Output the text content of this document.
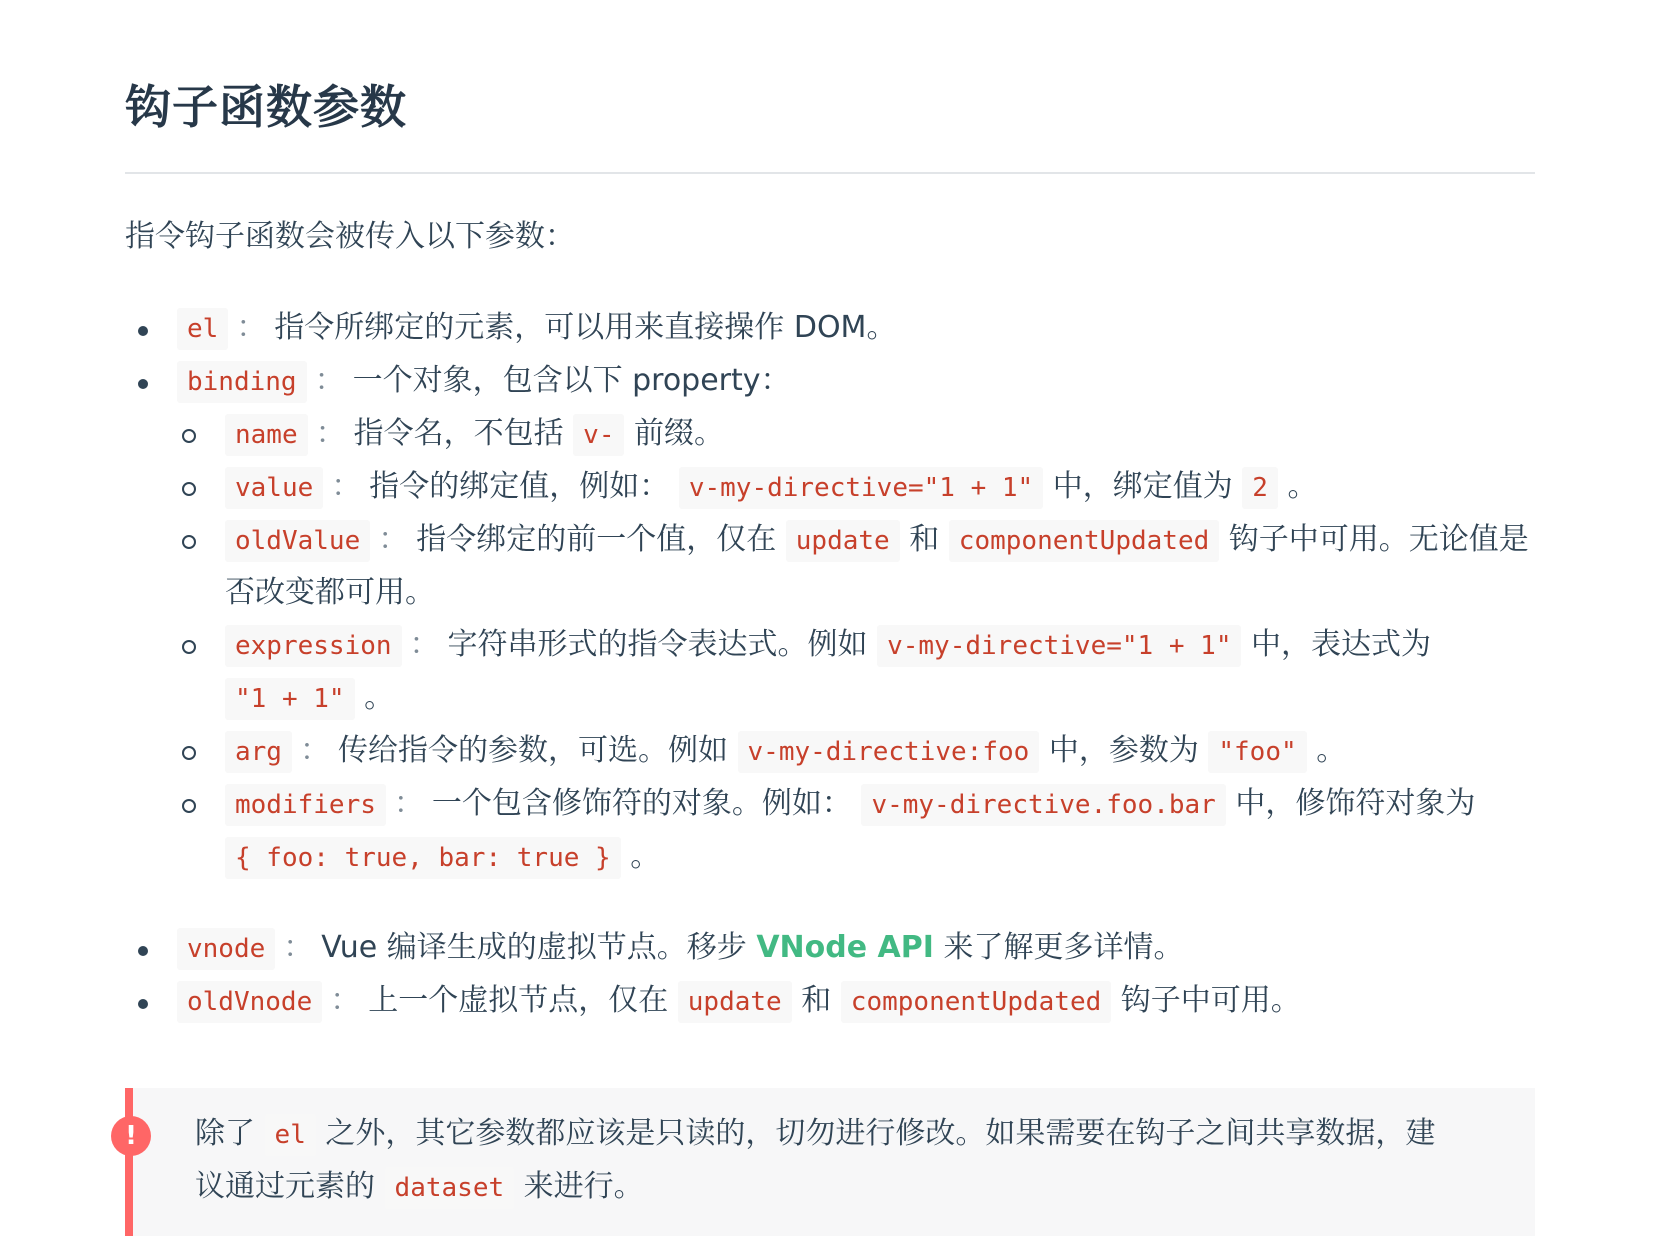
钩子函数参数

指令钩子函数会被传入以下参数：

el ： 指令所绑定的元素，可以用来直接操作 DOM。
binding ： 一个对象，包含以下 property：
name ： 指令名，不包括 v- 前缀。
value ： 指令的绑定值，例如： v-my-directive="1 + 1" 中，绑定值为 2 。
oldValue ： 指令绑定的前一个值，仅在 update 和 componentUpdated 钩子中可用。无论值是否改变都可用。
expression ： 字符串形式的指令表达式。例如 v-my-directive="1 + 1" 中，表达式为 "1 + 1" 。
arg ： 传给指令的参数，可选。例如 v-my-directive:foo 中，参数为 "foo" 。
modifiers ： 一个包含修饰符的对象。例如： v-my-directive.foo.bar 中，修饰符对象为 { foo: true, bar: true } 。
vnode ： Vue 编译生成的虚拟节点。移步 VNode API 来了解更多详情。
oldVnode ： 上一个虚拟节点，仅在 update 和 componentUpdated 钩子中可用。
!	除了 el 之外，其它参数都应该是只读的，切勿进行修改。如果需要在钩子之间共享数据，建议通过元素的 dataset 来进行。
